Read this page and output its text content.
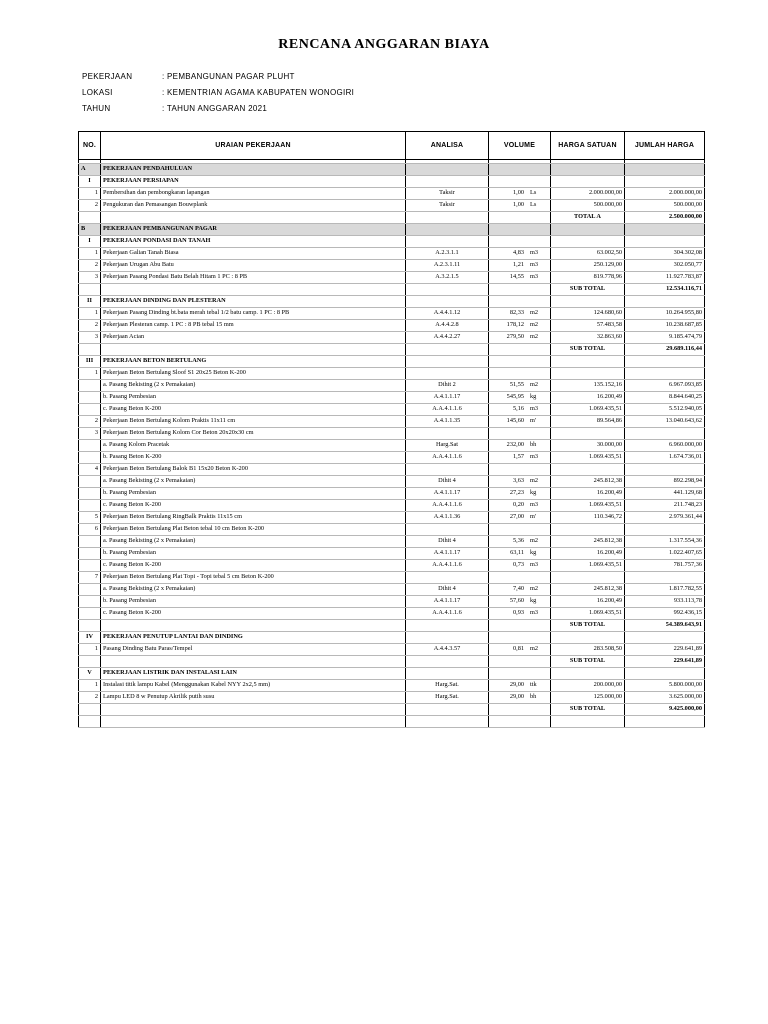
RENCANA ANGGARAN BIAYA
PEKERJAAN	: PEMBANGUNAN PAGAR PLUHT
LOKASI	: KEMENTRIAN AGAMA KABUPATEN WONOGIRI
TAHUN	: TAHUN ANGGARAN 2021
NO.	URAIAN PEKERJAAN	ANALISA	VOLUME	HARGA SATUAN	JUMLAH HARGA

A	PEKERJAAN PENDAHULUAN				
I	PEKERJAAN PERSIAPAN				
1	Pembersihan dan pembongkaran lapangan	Taksir	1,00 Ls	2.000.000,00	2.000.000,00
2	Pengukuran dan Pemasangan Bouwplank	Taksir	1,00 Ls	500.000,00	500.000,00
				TOTAL A	2.500.000,00
B	PEKERJAAN PEMBANGUNAN PAGAR				
I	PEKERJAAN PONDASI DAN TANAH				
1	Pekerjaan Galian Tanah Biasa	A.2.3.1.1	4,83 m3	63.002,50	304.302,08
2	Pekerjaan Urugan Abu Batu	A.2.3.1.11	1,21 m3	250.129,00	302.050,77
3	Pekerjaan Pasang Pondasi Batu Belah Hitam 1 PC : 8 PB	A.3.2.1.5	14,55 m3	819.778,96	11.927.783,87
				SUB TOTAL	12.534.116,71
II	PEKERJAAN DINDING DAN PLESTERAN				
1	Pekerjaan Pasang Dinding bt.bata merah tebal 1/2 batu camp. 1 PC : 8 PB	A.4.4.1.12	82,33 m2	124.680,60	10.264.955,80
2	Pekerjaan Plesteran camp. 1 PC : 8 PB tebal 15 mm	A.4.4.2.8	178,12 m2	57.483,58	10.238.687,85
3	Pekerjaan Acian	A.4.4.2.27	279,50 m2	32.863,60	9.185.474,79
				SUB TOTAL	29.689.116,44
III	PEKERJAAN BETON BERTULANG				
1	Pekerjaan Beton Bertulang Sloof S1 20x25 Beton K-200		

	a. Pasang Bekisting (2 x Pemakaian)	Dihit 2	51,55 m2	135.152,16	6.967.093,85
	b. Pasang Pembesian	A.4.1.1.17	545,95 kg	16.200,49	8.844.640,25
	c. Pasang Beton K-200	A.A.4.1.1.6	5,16 m3	1.069.435,51	5.512.940,05
2	Pekerjaan Beton Bertulang Kolom Praktis 11x11 cm	A.4.1.1.35	145,60 m'	89.564,86	13.040.643,62
3	Pekerjaan Beton Bertulang Kolom Cor Beton 20x20x30 cm		

	a. Pasang Kolom Pracetak	Harg.Sat	232,00 bh	30.000,00	6.960.000,00
	b. Pasang Beton K-200	A.A.4.1.1.6	1,57 m3	1.069.435,51	1.674.736,01
4	Pekerjaan Beton Bertulang Balok B1 15x20 Beton K-200		

	a. Pasang Bekisting (2 x Pemakaian)	Dihit 4	3,63 m2	245.812,38	892.298,94
	b. Pasang Pembesian	A.4.1.1.17	27,23 kg	16.200,49	441.129,68
	c. Pasang Beton K-200	A.A.4.1.1.6	0,20 m3	1.069.435,51	211.748,23
5	Pekerjaan Beton Bertulang RingBalk Praktis 11x15 cm	A.4.1.1.36	27,00 m'	110.346,72	2.979.361,44
6	Pekerjaan Beton Bertulang Plat Beton tebal 10 cm Beton K-200		

	a. Pasang Bekisting (2 x Pemakaian)	Dihit 4	5,36 m2	245.812,38	1.317.554,36
	b. Pasang Pembesian	A.4.1.1.17	63,11 kg	16.200,49	1.022.407,65
	c. Pasang Beton K-200	A.A.4.1.1.6	0,73 m3	1.069.435,51	781.757,36
7	Pekerjaan Beton Bertulang Plat Topi - Topi tebal 5 cm Beton K-200		

	a. Pasang Bekisting (2 x Pemakaian)	Dihit 4	7,40 m2	245.812,38	1.817.782,55
	b. Pasang Pembesian	A.4.1.1.17	57,60 kg	16.200,49	933.113,78
	c. Pasang Beton K-200	A.A.4.1.1.6	0,93 m3	1.069.435,51	992.436,15
				SUB TOTAL	54.389.643,91
IV	PEKERJAAN PENUTUP LANTAI DAN DINDING				
1	Pasang Dinding Batu Paras/Tempel	A.4.4.3.57	0,81 m2	283.508,50	229.641,89
				SUB TOTAL	229.641,89
V	PEKERJAAN LISTRIK DAN INSTALASI LAIN				
1	Instalasi titik lampu Kabel (Menggunakan Kabel NYY 2x2,5 mm)	Harg.Sat.	29,00 ttk	200.000,00	5.800.000,00
2	Lampu LED 8 w Penutup Akrilik putih susu	Harg.Sat.	29,00 bh	125.000,00	3.625.000,00
				SUB TOTAL	9.425.000,00
